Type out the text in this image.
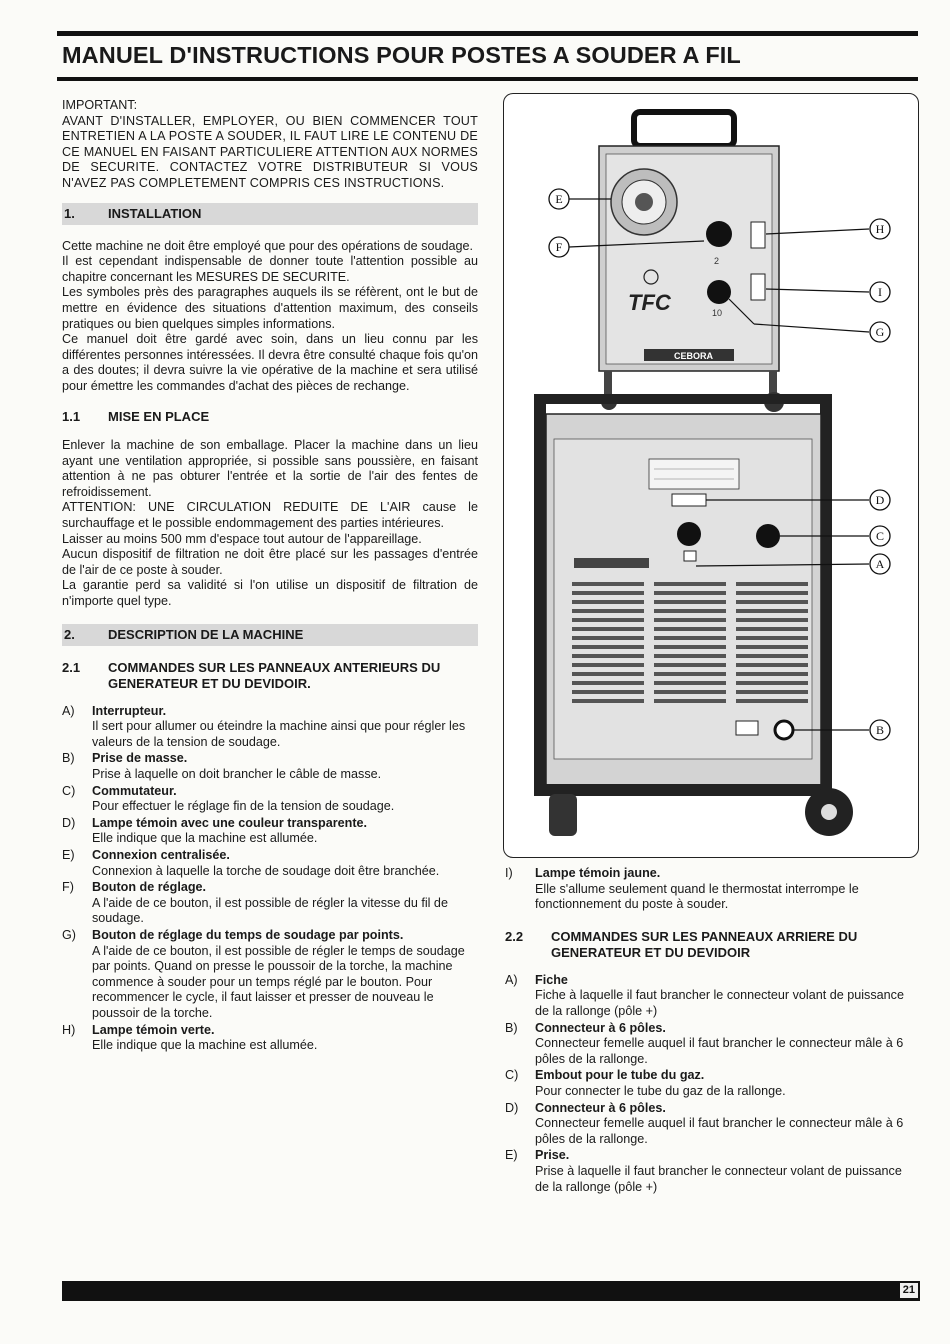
MANUEL D'INSTRUCTIONS POUR POSTES A SOUDER A FIL

IMPORTANT:

AVANT D'INSTALLER, EMPLOYER, OU BIEN COMMENCER TOUT ENTRETIEN A LA POSTE A SOUDER, IL FAUT LIRE LE CONTENU DE CE MANUEL EN FAISANT PARTICULIERE ATTENTION AUX NORMES DE SECURITE. CONTACTEZ VOTRE DISTRIBUTEUR SI VOUS N'AVEZ PAS COMPLETEMENT COMPRIS CES INSTRUCTIONS.

1.	INSTALLATION

Cette machine ne doit être employé que pour des opérations de soudage.

Il est cependant indispensable de donner toute l'attention possible au chapitre concernant les MESURES DE SECURITE.

Les symboles près des paragraphes auquels ils se réfèrent, ont le but de mettre en évidence des situations d'attention maximum, des conseils pratiques ou bien quelques simples informations.

Ce manuel doit être gardé avec soin, dans un lieu connu par les différentes personnes intéressées. Il devra être consulté chaque fois qu'on a des doutes; il devra suivre la vie opérative de la machine et sera utilisé pour émettre les commandes d'achat des pièces de rechange.

1.1 MISE EN PLACE

Enlever la machine de son emballage. Placer la machine dans un lieu ayant une ventilation appropriée, si possible sans poussière, en faisant attention à ne pas obturer l'entrée et la sortie de l'air des fentes de refroidissement.

ATTENTION: UNE CIRCULATION REDUITE DE L'AIR cause le surchauffage et le possible endommagement des parties intérieures.

Laisser au moins 500 mm d'espace tout autour de l'appareillage.

Aucun dispositif de filtration ne doit être placé sur les passages d'entrée de l'air de ce poste à souder.

La garantie perd sa validité si l'on utilise un dispositif de filtration de n'importe quel type.

2.	DESCRIPTION DE LA MACHINE
2.1	COMMANDES SUR LES PANNEAUX ANTERIEURS DU GENERATEUR ET DU DEVIDOIR.
A)	Interrupteur.
Il sert pour allumer ou éteindre la machine ainsi que pour régler les valeurs de la tension de soudage.
B)	Prise de masse.
Prise à laquelle on doit brancher le câble de masse.
C)	Commutateur.
Pour effectuer le réglage fin de la tension de soudage.
D)	Lampe témoin avec une couleur transparente.
Elle indique que la machine est allumée.
E)	Connexion centralisée.
Connexion à laquelle la torche de soudage doit être branchée.
F)	Bouton de réglage.
A l'aide de ce bouton, il est possible de régler la vitesse du fil de soudage.
G)	Bouton de réglage du temps de soudage par points.
A l'aide de ce bouton, il est possible de régler le temps de soudage par points. Quand on presse le poussoir de la torche, la machine commence à souder pour un temps réglé par le bouton. Pour recommencer le cycle, il faut laisser et presser de nouveau le poussoir de la torche.
H)	Lampe témoin verte.
Elle indique que la machine est allumée.
2
10
TFC
CEBORA
E
F
H
I
G
D
C
A
B
I)	Lampe témoin jaune.
Elle s'allume seulement quand le thermostat interrompe le fonctionnement du poste à souder.
2.2	COMMANDES SUR LES PANNEAUX ARRIERE DU GENERATEUR ET DU DEVIDOIR
A)	Fiche
Fiche à laquelle il faut brancher le connecteur volant de puissance de la rallonge (pôle +)
B)	Connecteur à 6 pôles.
Connecteur femelle auquel il faut brancher le connecteur mâle à 6 pôles de la rallonge.
C)	Embout pour le tube du gaz.
Pour connecter le tube du gaz de la rallonge.
D)	Connecteur à 6 pôles.
Connecteur femelle auquel il faut brancher le connecteur mâle à 6 pôles de la rallonge.
E)	Prise.
Prise à laquelle il faut brancher le connecteur volant de puissance de la rallonge (pôle +)
21
